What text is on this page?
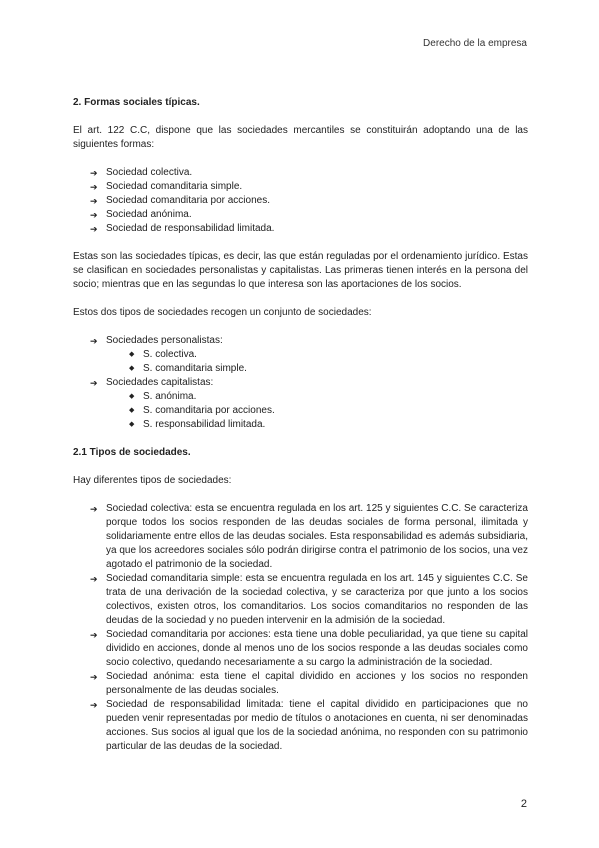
Derecho de la empresa
2. Formas sociales típicas.

El art. 122 C.C, dispone que las sociedades mercantiles se constituirán adoptando una de las siguientes formas:

➔ Sociedad colectiva.
➔ Sociedad comanditaria simple.
➔ Sociedad comanditaria por acciones.
➔ Sociedad anónima.
➔ Sociedad de responsabilidad limitada.

Estas son las sociedades típicas, es decir, las que están reguladas por el ordenamiento jurídico. Estas se clasifican en sociedades personalistas y capitalistas. Las primeras tienen interés en la persona del socio; mientras que en las segundas lo que interesa son las aportaciones de los socios.

Estos dos tipos de sociedades recogen un conjunto de sociedades:

➔ Sociedades personalistas:
◆ S. colectiva.
◆ S. comanditaria simple.
➔ Sociedades capitalistas:
◆ S. anónima.
◆ S. comanditaria por acciones.
◆ S. responsabilidad limitada.
2.1 Tipos de sociedades.

Hay diferentes tipos de sociedades:

➔ Sociedad colectiva: esta se encuentra regulada en los art. 125 y siguientes C.C. Se caracteriza porque todos los socios responden de las deudas sociales de forma personal, ilimitada y solidariamente entre ellos de las deudas sociales. Esta responsabilidad es además subsidiaria, ya que los acreedores sociales sólo podrán dirigirse contra el patrimonio de los socios, una vez agotado el patrimonio de la sociedad.
➔ Sociedad comanditaria simple: esta se encuentra regulada en los art. 145 y siguientes C.C. Se trata de una derivación de la sociedad colectiva, y se caracteriza por que junto a los socios colectivos, existen otros, los comanditarios. Los socios comanditarios no responden de las deudas de la sociedad y no pueden intervenir en la admisión de la sociedad.
➔ Sociedad comanditaria por acciones: esta tiene una doble peculiaridad, ya que tiene su capital dividido en acciones, donde al menos uno de los socios responde a las deudas sociales como socio colectivo, quedando necesariamente a su cargo la administración de la sociedad.
➔ Sociedad anónima: esta tiene el capital dividido en acciones y los socios no responden personalmente de las deudas sociales.
➔ Sociedad de responsabilidad limitada: tiene el capital dividido en participaciones que no pueden venir representadas por medio de títulos o anotaciones en cuenta, ni ser denominadas acciones. Sus socios al igual que los de la sociedad anónima, no responden con su patrimonio particular de las deudas de la sociedad.
2
